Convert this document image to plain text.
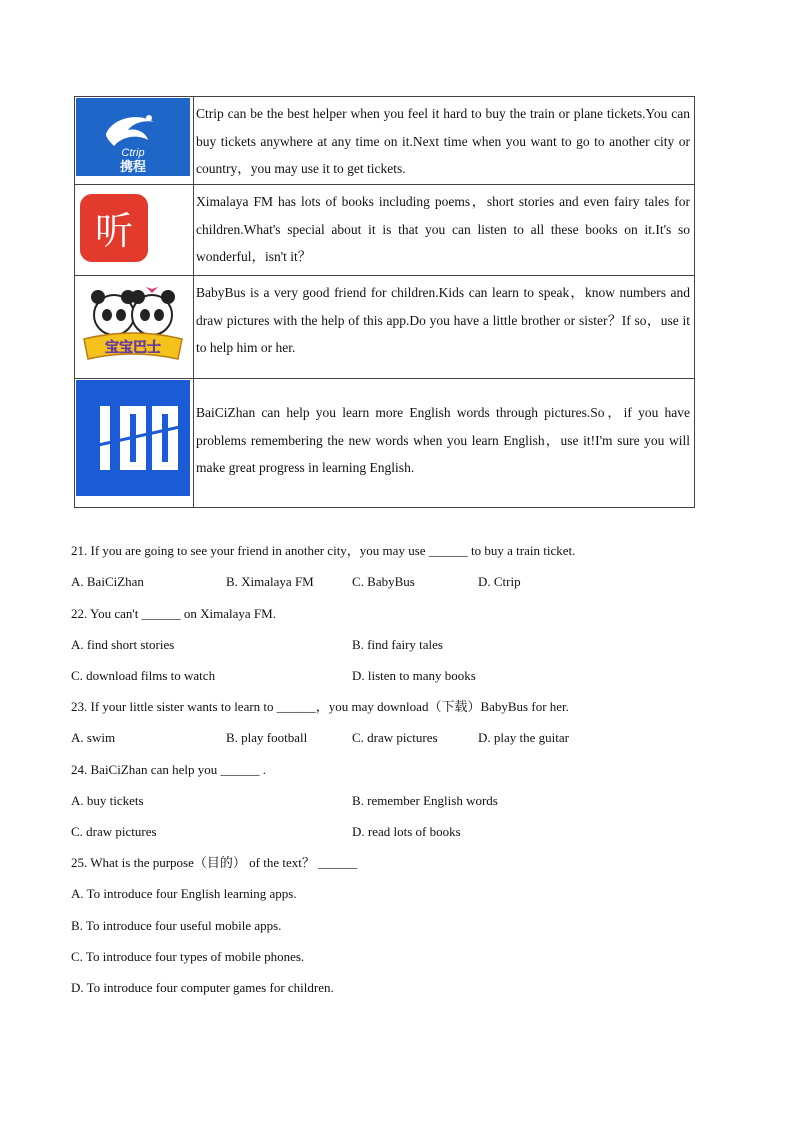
Ctrip
携程	Ctrip can be the best helper when you feel it hard to buy the train or plane tickets.You can buy tickets anywhere at any time on it.Next time when you want to go to another city or country，you may use it to get tickets.

听	Ximalaya FM has lots of books including poems，short stories and even fairy tales for children.What's special about it is that you can listen to all these books on it.It's so wonderful，isn't it？

宝宝巴士	BabyBus is a very good friend for children.Kids can learn to speak，know numbers and draw pictures with the help of this app.Do you have a little brother or sister？If so，use it to help him or her.
	BaiCiZhan can help you learn more English words through pictures.So，if you have problems remembering the new words when you learn English，use it!I'm sure you will make great progress in learning English.
21. If you are going to see your friend in another city，you may use ______ to buy a train ticket.
A. BaiCiZhan	B. Ximalaya FM	C. BabyBus	D. Ctrip
22. You can't ______ on Ximalaya FM.
A. find short stories	B. find fairy tales
C. download films to watch	D. listen to many books
23. If your little sister wants to learn to ______，you may download（下载）BabyBus for her.
A. swim	B. play football	C. draw pictures	D. play the guitar
24. BaiCiZhan can help you ______ .
A. buy tickets	B. remember English words
C. draw pictures	D. read lots of books
25. What is the purpose（目的） of the text？ ______
A. To introduce four English learning apps.
B. To introduce four useful mobile apps.
C. To introduce four types of mobile phones.
D. To introduce four computer games for children.
